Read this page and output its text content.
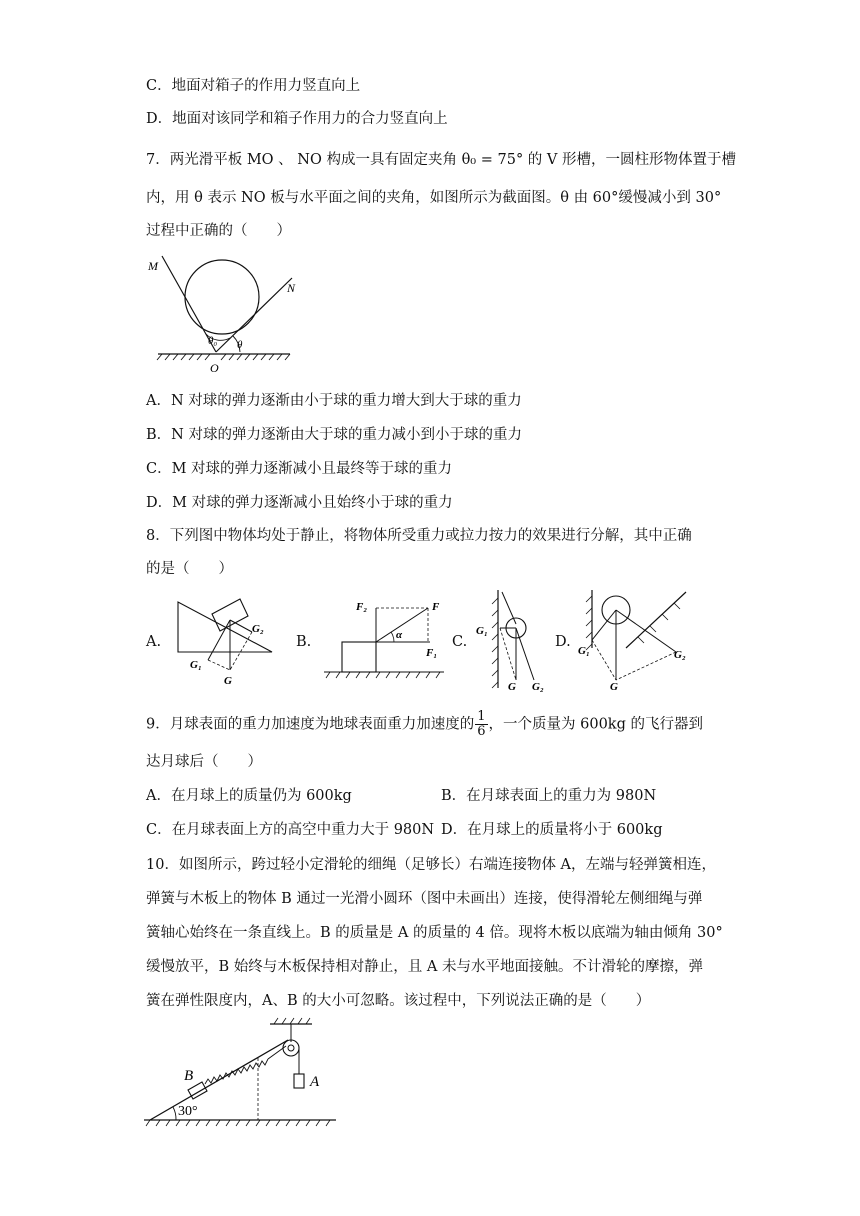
C．地面对箱子的作用力竖直向上
D．地面对该同学和箱子作用力的合力竖直向上
7．两光滑平板 MO 、 NO 构成一具有固定夹角 θ₀ = 75° 的 V 形槽，一圆柱形物体置于槽
内，用 θ 表示 NO 板与水平面之间的夹角，如图所示为截面图。θ 由 60°缓慢减小到 30°
过程中正确的（　　）
M
N
O
θ₀ θ
A．N 对球的弹力逐渐由小于球的重力增大到大于球的重力
B．N 对球的弹力逐渐由大于球的重力减小到小于球的重力
C．M 对球的弹力逐渐减小且最终等于球的重力
D．M 对球的弹力逐渐减小且始终小于球的重力
8．下列图中物体均处于静止，将物体所受重力或拉力按力的效果进行分解，其中正确
的是（　　）
A.
G₂
G₁
G
B.
F₂	F
α
F₁
C.
G₁
G G₂
D.
G₁	G₂
G
9．月球表面的重力加速度为地球表面重力加速度的 $\frac{1}{6}$ ，一个质量为 600kg 的飞行器到
达月球后（　　）
A．在月球上的质量仍为 600kg	B．在月球表面上的重力为 980N
C．在月球表面上方的高空中重力大于 980N D．在月球上的质量将小于 600kg
10．如图所示，跨过轻小定滑轮的细绳（足够长）右端连接物体 A，左端与轻弹簧相连，
弹簧与木板上的物体 B 通过一光滑小圆环（图中未画出）连接，使得滑轮左侧细绳与弹
簧轴心始终在一条直线上。B 的质量是 A 的质量的 4 倍。现将木板以底端为轴由倾角 30°
缓慢放平，B 始终与木板保持相对静止，且 A 未与水平地面接触。不计滑轮的摩擦，弹
簧在弹性限度内，A、B 的大小可忽略。该过程中，下列说法正确的是（　　）
A
B
30°
